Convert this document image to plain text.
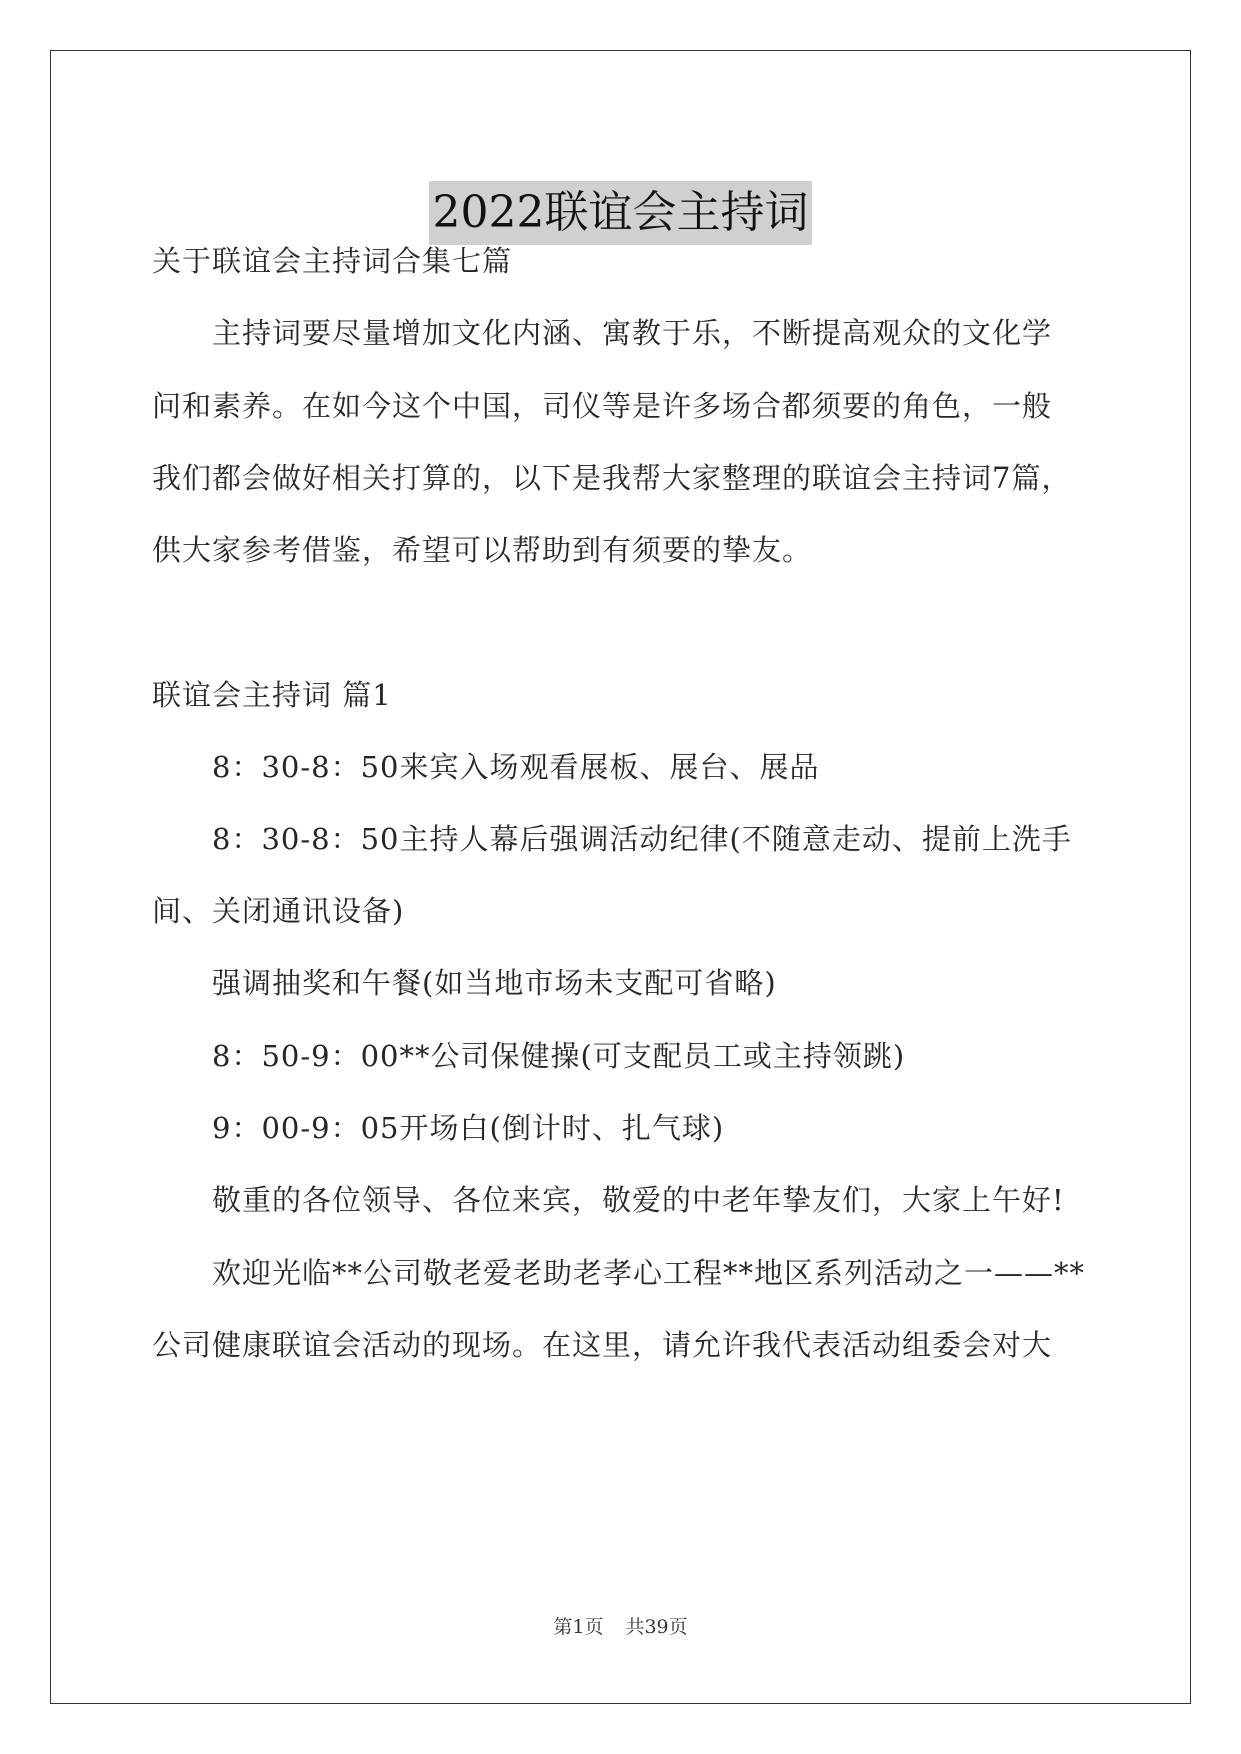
2022联谊会主持词
关于联谊会主持词合集七篇
主持词要尽量增加文化内涵、寓教于乐，不断提高观众的文化学
问和素养。在如今这个中国，司仪等是许多场合都须要的角色，一般
我们都会做好相关打算的，以下是我帮大家整理的联谊会主持词7篇，
供大家参考借鉴，希望可以帮助到有须要的挚友。
联谊会主持词 篇1
8：30-8：50来宾入场观看展板、展台、展品
8：30-8：50主持人幕后强调活动纪律(不随意走动、提前上洗手
间、关闭通讯设备)
强调抽奖和午餐(如当地市场未支配可省略)
8：50-9：00**公司保健操(可支配员工或主持领跳)
9：00-9：05开场白(倒计时、扎气球)
敬重的各位领导、各位来宾，敬爱的中老年挚友们，大家上午好!
欢迎光临**公司敬老爱老助老孝心工程**地区系列活动之一——**
公司健康联谊会活动的现场。在这里，请允许我代表活动组委会对大
第1页 共39页
